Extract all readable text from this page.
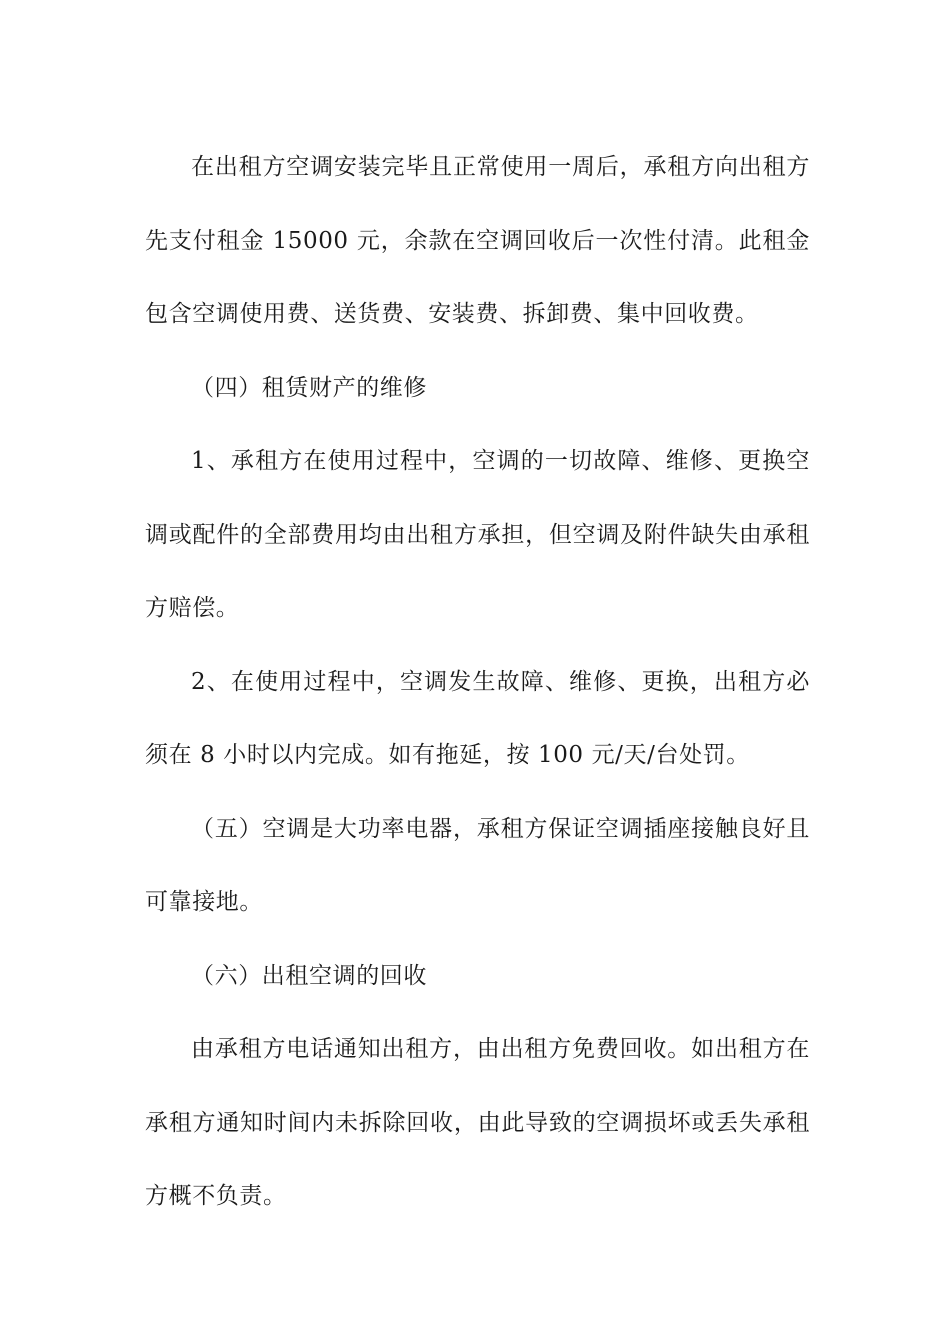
在出租方空调安装完毕且正常使用一周后，承租方向出租方先支付租金 15000 元，余款在空调回收后一次性付清。此租金包含空调使用费、送货费、安装费、拆卸费、集中回收费。

（四）租赁财产的维修

1、承租方在使用过程中，空调的一切故障、维修、更换空调或配件的全部费用均由出租方承担，但空调及附件缺失由承租方赔偿。

2、在使用过程中，空调发生故障、维修、更换，出租方必须在 8 小时以内完成。如有拖延，按 100 元/天/台处罚。

（五）空调是大功率电器，承租方保证空调插座接触良好且可靠接地。

（六）出租空调的回收

由承租方电话通知出租方，由出租方免费回收。如出租方在承租方通知时间内未拆除回收，由此导致的空调损坏或丢失承租方概不负责。
